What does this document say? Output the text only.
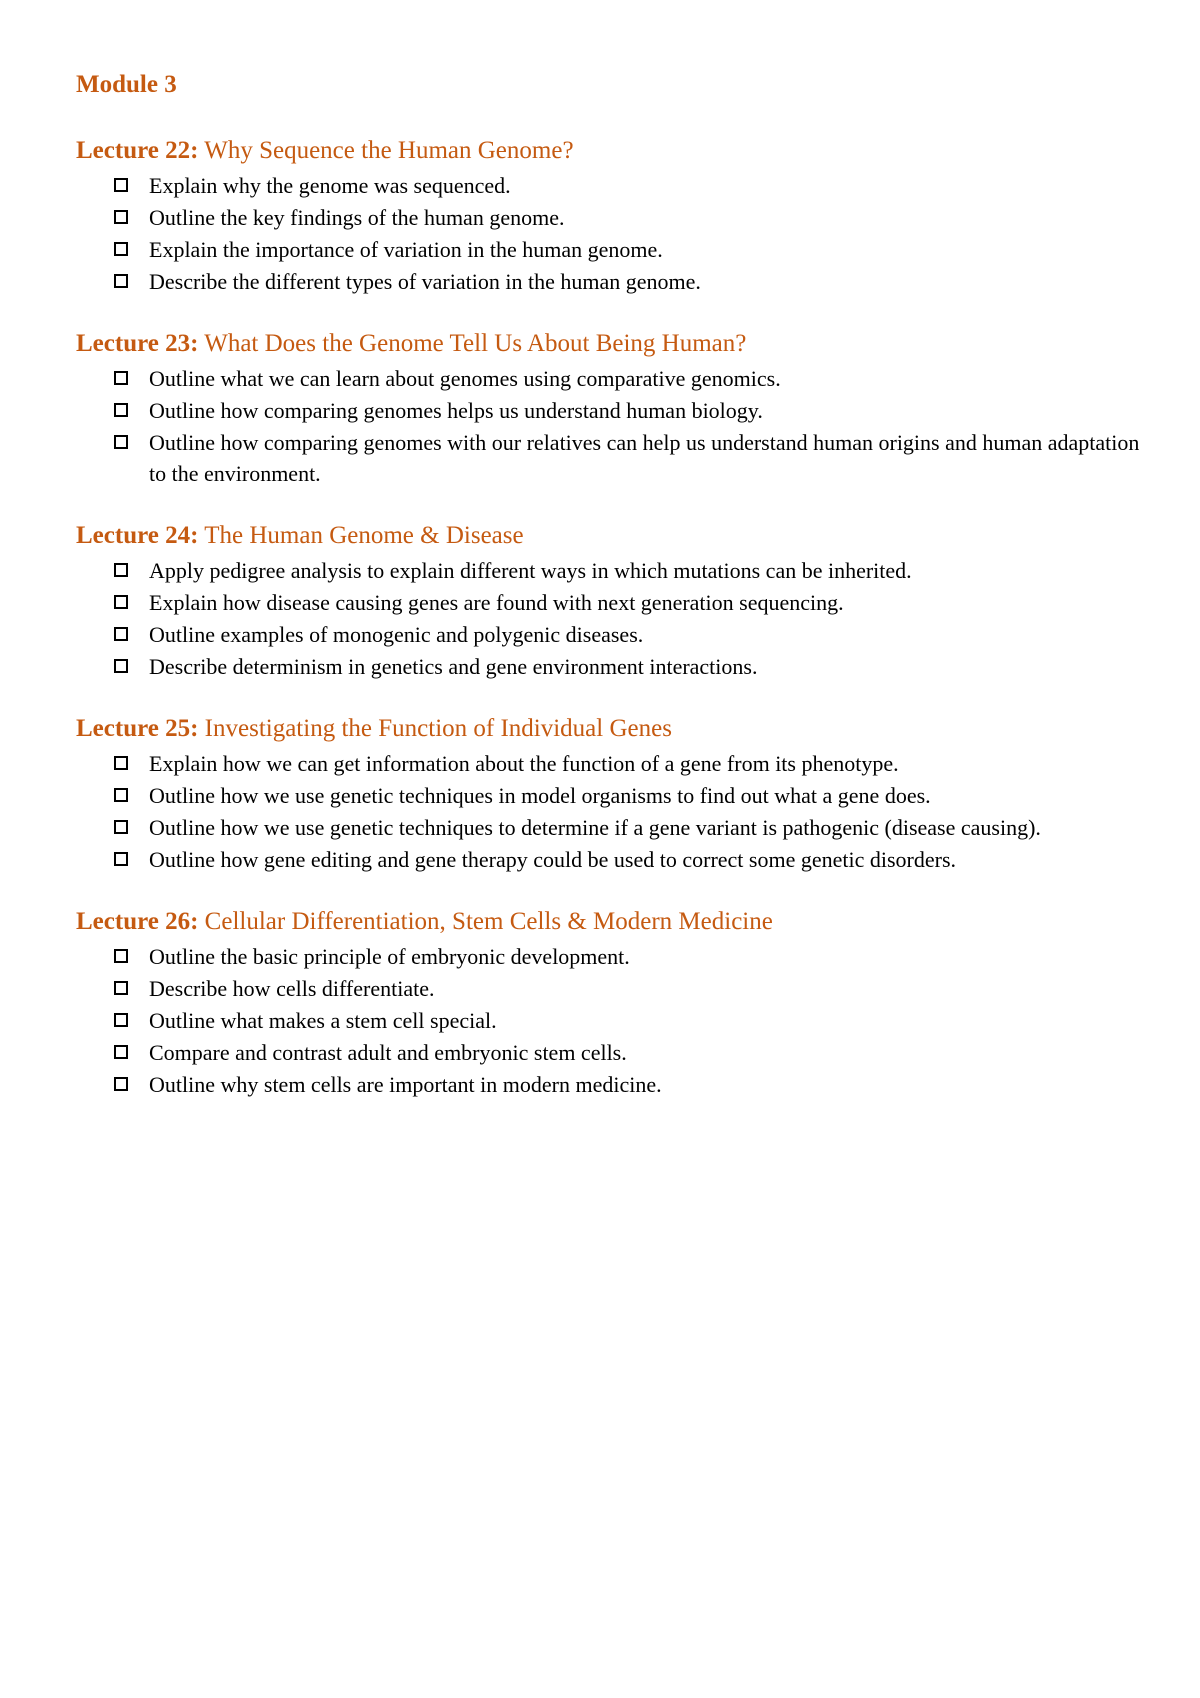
Module 3
Lecture 22: Why Sequence the Human Genome?
Explain why the genome was sequenced.
Outline the key findings of the human genome.
Explain the importance of variation in the human genome.
Describe the different types of variation in the human genome.
Lecture 23: What Does the Genome Tell Us About Being Human?
Outline what we can learn about genomes using comparative genomics.
Outline how comparing genomes helps us understand human biology.
Outline how comparing genomes with our relatives can help us understand human origins and human adaptation to the environment.
Lecture 24: The Human Genome & Disease
Apply pedigree analysis to explain different ways in which mutations can be inherited.
Explain how disease causing genes are found with next generation sequencing.
Outline examples of monogenic and polygenic diseases.
Describe determinism in genetics and gene environment interactions.
Lecture 25: Investigating the Function of Individual Genes
Explain how we can get information about the function of a gene from its phenotype.
Outline how we use genetic techniques in model organisms to find out what a gene does.
Outline how we use genetic techniques to determine if a gene variant is pathogenic (disease causing).
Outline how gene editing and gene therapy could be used to correct some genetic disorders.
Lecture 26: Cellular Differentiation, Stem Cells & Modern Medicine
Outline the basic principle of embryonic development.
Describe how cells differentiate.
Outline what makes a stem cell special.
Compare and contrast adult and embryonic stem cells.
Outline why stem cells are important in modern medicine.
